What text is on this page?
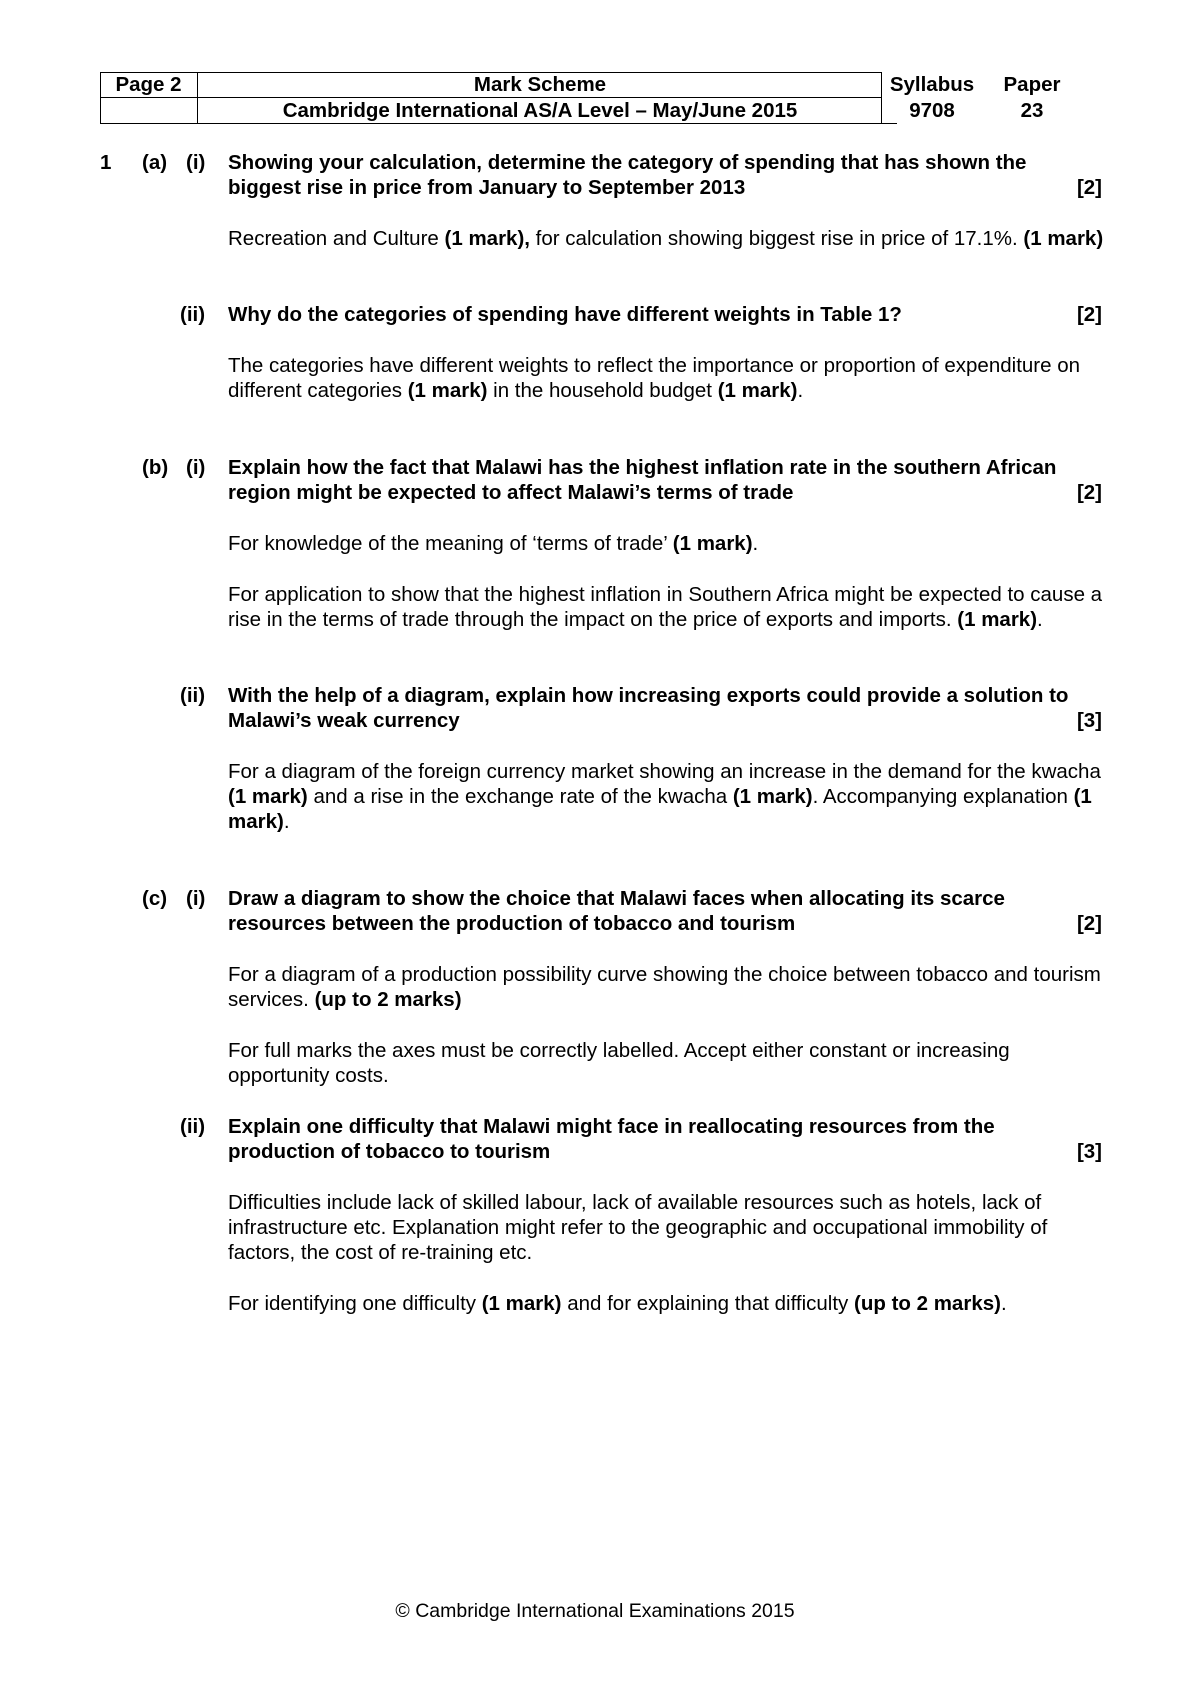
Page 2	Mark Scheme
Cambridge International AS/A Level – May/June 2015
Syllabus
9708
Paper
23
1 (a) (i) Showing your calculation, determine the category of spending that has shown the biggest rise in price from January to September 2013	[2]
Recreation and Culture (1 mark), for calculation showing biggest rise in price of 17.1%. (1 mark)
(ii) Why do the categories of spending have different weights in Table 1?	[2]
The categories have different weights to reflect the importance or proportion of expenditure on different categories (1 mark) in the household budget (1 mark).
(b) (i) Explain how the fact that Malawi has the highest inflation rate in the southern African region might be expected to affect Malawi’s terms of trade	[2]
For knowledge of the meaning of ‘terms of trade’ (1 mark).
For application to show that the highest inflation in Southern Africa might be expected to cause a rise in the terms of trade through the impact on the price of exports and imports. (1 mark).
(ii) With the help of a diagram, explain how increasing exports could provide a solution to Malawi’s weak currency	[3]
For a diagram of the foreign currency market showing an increase in the demand for the kwacha (1 mark) and a rise in the exchange rate of the kwacha (1 mark). Accompanying explanation (1 mark).
(c) (i) Draw a diagram to show the choice that Malawi faces when allocating its scarce resources between the production of tobacco and tourism	[2]
For a diagram of a production possibility curve showing the choice between tobacco and tourism services. (up to 2 marks)
For full marks the axes must be correctly labelled. Accept either constant or increasing opportunity costs.
(ii) Explain one difficulty that Malawi might face in reallocating resources from the production of tobacco to tourism	[3]
Difficulties include lack of skilled labour, lack of available resources such as hotels, lack of infrastructure etc. Explanation might refer to the geographic and occupational immobility of factors, the cost of re-training etc.
For identifying one difficulty (1 mark) and for explaining that difficulty (up to 2 marks).
© Cambridge International Examinations 2015
